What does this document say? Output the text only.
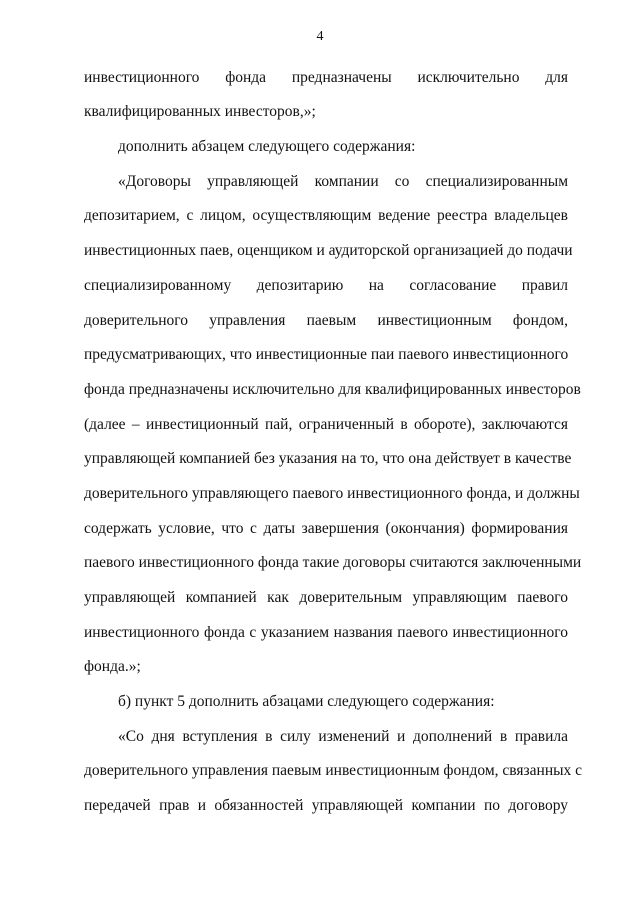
4
инвестиционного фонда предназначены исключительно для
квалифицированных инвесторов,»;
дополнить абзацем следующего содержания:
«Договоры управляющей компании со специализированным
депозитарием, с лицом, осуществляющим ведение реестра владельцев
инвестиционных паев, оценщиком и аудиторской организацией до подачи
специализированному депозитарию на согласование правил
доверительного управления паевым инвестиционным фондом,
предусматривающих, что инвестиционные паи паевого инвестиционного
фонда предназначены исключительно для квалифицированных инвесторов
(далее – инвестиционный пай, ограниченный в обороте), заключаются
управляющей компанией без указания на то, что она действует в качестве
доверительного управляющего паевого инвестиционного фонда, и должны
содержать условие, что с даты завершения (окончания) формирования
паевого инвестиционного фонда такие договоры считаются заключенными
управляющей компанией как доверительным управляющим паевого
инвестиционного фонда с указанием названия паевого инвестиционного
фонда.»;
б) пункт 5 дополнить абзацами следующего содержания:
«Со дня вступления в силу изменений и дополнений в правила
доверительного управления паевым инвестиционным фондом, связанных с
передачей прав и обязанностей управляющей компании по договору
